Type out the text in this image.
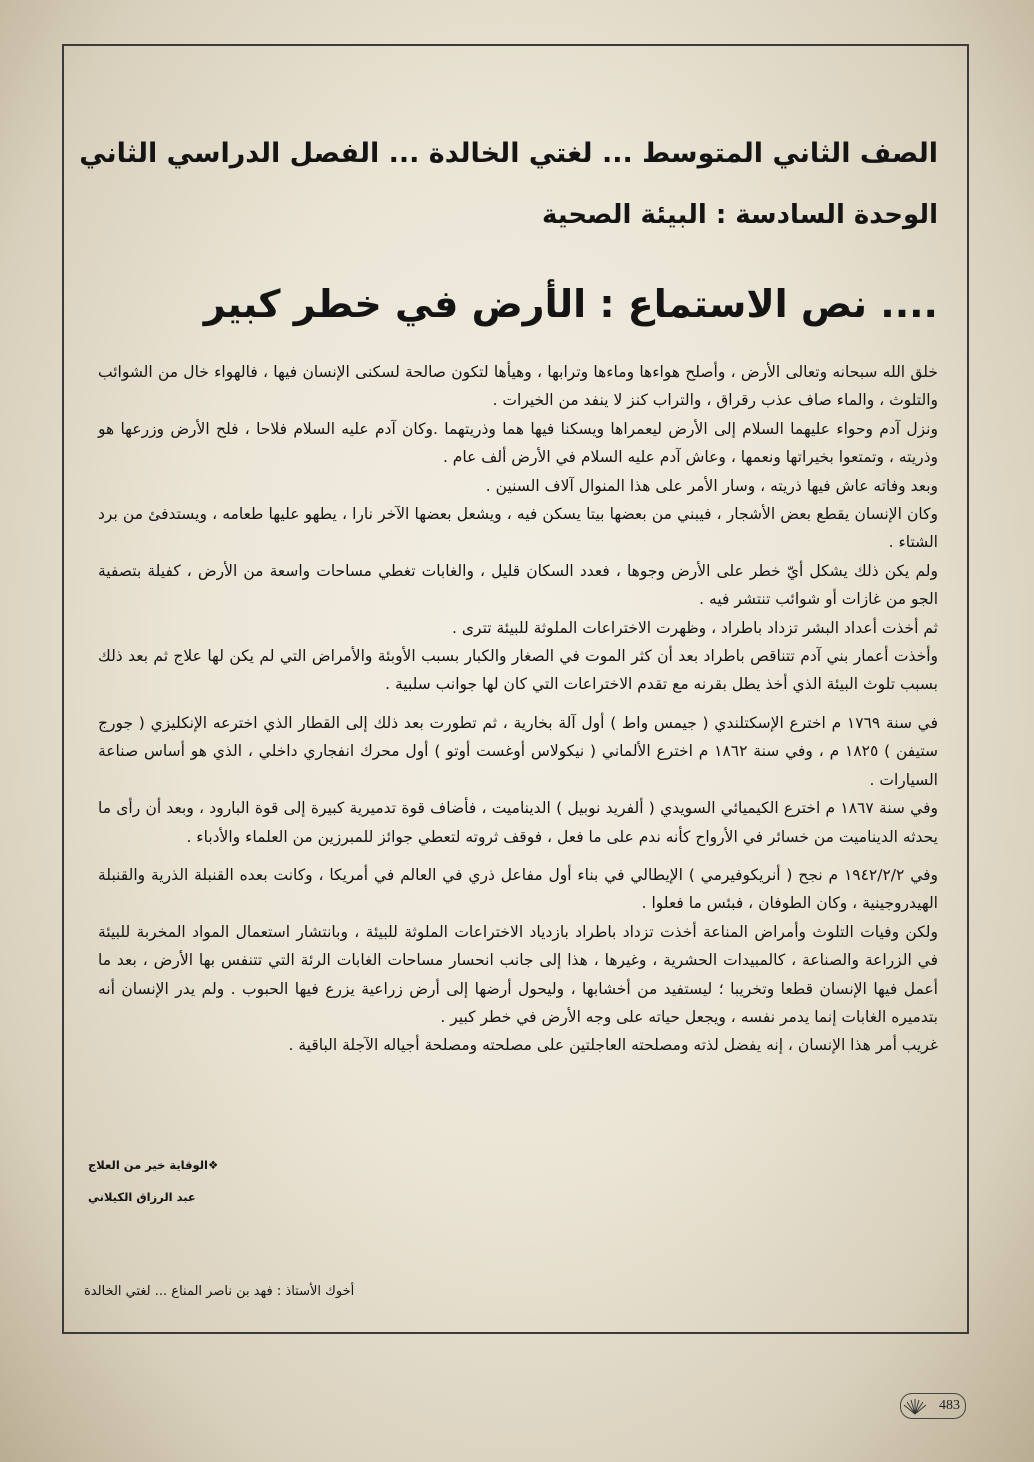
الصف الثاني المتوسط ... لغتي الخالدة ... الفصل الدراسي الثاني
الوحدة السادسة : البيئة الصحية
.... نص الاستماع : الأرض في خطر كبير

خلق الله سبحانه وتعالى الأرض ، وأصلح هواءها وماءها وترابها ، وهيأها لتكون صالحة لسكنى الإنسان فيها ، فالهواء خال من الشوائب والتلوث ، والماء صاف عذب رقراق ، والتراب كنز لا ينفد من الخيرات .

ونزل آدم وحواء عليهما السلام إلى الأرض ليعمراها ويسكنا فيها هما وذريتهما .وكان آدم عليه السلام فلاحا ، فلح الأرض وزرعها هو وذريته ، وتمتعوا بخيراتها ونعمها ، وعاش آدم عليه السلام في الأرض ألف عام .

وبعد وفاته عاش فيها ذريته ، وسار الأمر على هذا المنوال آلاف السنين .

وكان الإنسان يقطع بعض الأشجار ، فيبني من بعضها بيتا يسكن فيه ، ويشعل بعضها الآخر نارا ، يطهو عليها طعامه ، ويستدفئ من برد الشتاء .

ولم يكن ذلك يشكل أيّ خطر على الأرض وجوها ، فعدد السكان قليل ، والغابات تغطي مساحات واسعة من الأرض ، كفيلة بتصفية الجو من غازات أو شوائب تنتشر فيه .

ثم أخذت أعداد البشر تزداد باطراد ، وظهرت الاختراعات الملوثة للبيئة تترى .

وأخذت أعمار بني آدم تتناقص باطراد بعد أن كثر الموت في الصغار والكبار بسبب الأوبئة والأمراض التي لم يكن لها علاج ثم بعد ذلك بسبب تلوث البيئة الذي أخذ يطل بقرنه مع تقدم الاختراعات التي كان لها جوانب سلبية .

في سنة ١٧٦٩ م اخترع الإسكتلندي ( جيمس واط ) أول آلة بخارية ، ثم تطورت بعد ذلك إلى القطار الذي اخترعه الإنكليزي ( جورج ستيفن ) ١٨٢٥ م ، وفي سنة ١٨٦٢ م اخترع الألماني ( نيكولاس أوغست أوتو ) أول محرك انفجاري داخلي ، الذي هو أساس صناعة السيارات .

وفي سنة ١٨٦٧ م اخترع الكيميائي السويدي ( ألفريد نوبيل ) الديناميت ، فأضاف قوة تدميرية كبيرة إلى قوة البارود ، وبعد أن رأى ما يحدثه الديناميت من خسائر في الأرواح كأنه ندم على ما فعل ، فوقف ثروته لتعطي جوائز للمبرزين من العلماء والأدباء .

وفي ١٩٤٢/٢/٢ م نجح ( أنريكوفيرمي ) الإيطالي في بناء أول مفاعل ذري في العالم في أمريكا ، وكانت بعده القنبلة الذرية والقنبلة الهيدروجينية ، وكان الطوفان ، فبئس ما فعلوا .

ولكن وفيات التلوث وأمراض المناعة أخذت تزداد باطراد بازدياد الاختراعات الملوثة للبيئة ، وبانتشار استعمال المواد المخربة للبيئة في الزراعة والصناعة ، كالمبيدات الحشرية ، وغيرها ، هذا إلى جانب انحسار مساحات الغابات الرئة التي تتنفس بها الأرض ، بعد ما أعمل فيها الإنسان قطعا وتخريبا ؛ ليستفيد من أخشابها ، وليحول أرضها إلى أرض زراعية يزرع فيها الحبوب . ولم يدر الإنسان أنه بتدميره الغابات إنما يدمر نفسه ، ويجعل حياته على وجه الأرض في خطر كبير .

غريب أمر هذا الإنسان ، إنه يفضل لذته ومصلحته العاجلتين على مصلحته ومصلحة أجياله الآجلة الباقية .

❖الوقاية خير من العلاج
عبد الرزاق الكيلاني
أخوك الأستاذ : فهد بن ناصر المناع ... لغتي الخالدة
483
